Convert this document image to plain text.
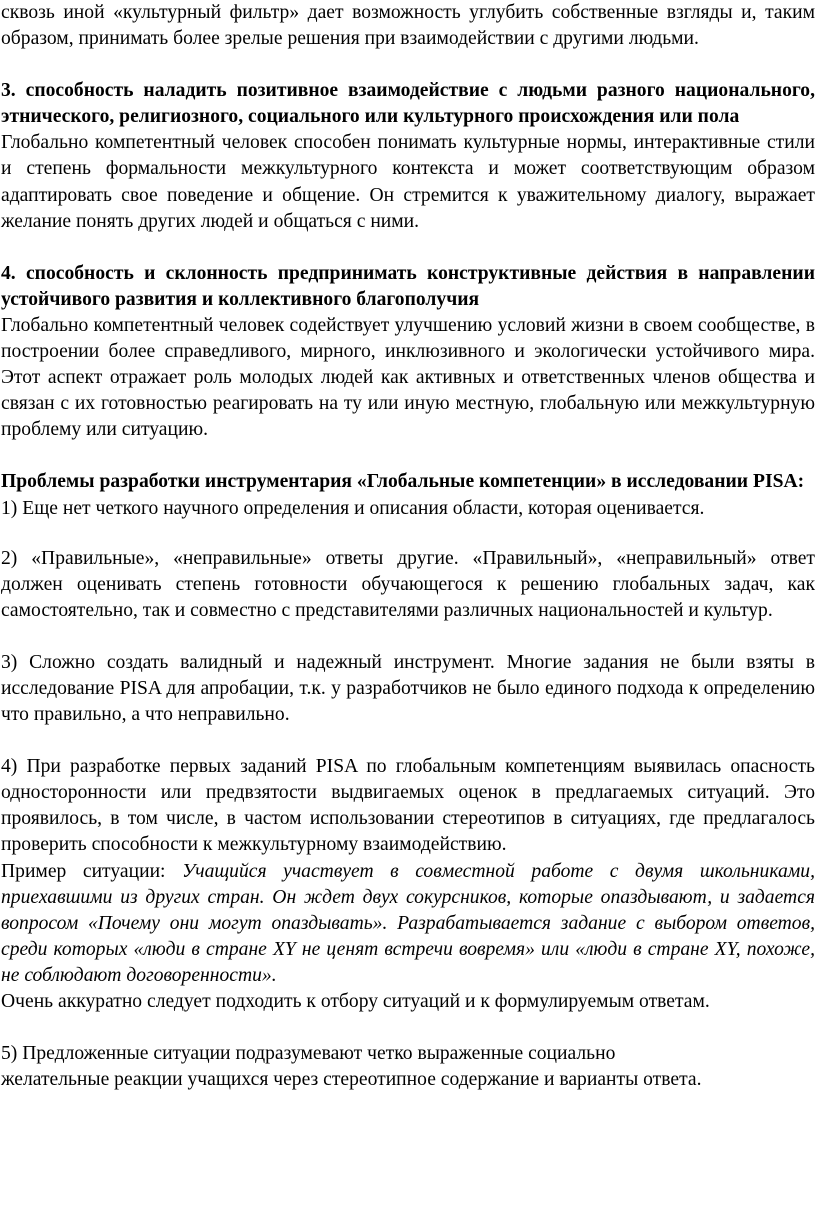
сквозь иной «культурный фильтр» дает возможность углубить собственные взгляды и, таким образом, принимать более зрелые решения при взаимодействии с другими людьми.

3. способность наладить позитивное взаимодействие с людьми разного национального, этнического, религиозного, социального или культурного происхождения или пола

Глобально компетентный человек способен понимать культурные нормы, интерактивные стили и степень формальности межкультурного контекста и может соответствующим образом адаптировать свое поведение и общение. Он стремится к уважительному диалогу, выражает желание понять других людей и общаться с ними.

4. способность и склонность предпринимать конструктивные действия в направлении устойчивого развития и коллективного благополучия

Глобально компетентный человек содействует улучшению условий жизни в своем сообществе, в построении более справедливого, мирного, инклюзивного и экологически устойчивого мира. Этот аспект отражает роль молодых людей как активных и ответственных членов общества и связан с их готовностью реагировать на ту или иную местную, глобальную или межкультурную проблему или ситуацию.

Проблемы разработки инструментария «Глобальные компетенции» в исследовании PISA:

1) Еще нет четкого научного определения и описания области, которая оценивается.

2) «Правильные», «неправильные» ответы другие. «Правильный», «неправильный» ответ должен оценивать степень готовности обучающегося к решению глобальных задач, как самостоятельно, так и совместно с представителями различных национальностей и культур.

3) Сложно создать валидный и надежный инструмент. Многие задания не были взяты в исследование PISA для апробации, т.к. у разработчиков не было единого подхода к определению что правильно, а что неправильно.

4) При разработке первых заданий PISA по глобальным компетенциям выявилась опасность односторонности или предвзятости выдвигаемых оценок в предлагаемых ситуаций. Это проявилось, в том числе, в частом использовании стереотипов в ситуациях, где предлагалось проверить способности к межкультурному взаимодействию.

Пример ситуации: Учащийся участвует в совместной работе с двумя школьниками, приехавшими из других стран. Он ждет двух сокурсников, которые опаздывают, и задается вопросом «Почему они могут опаздывать». Разрабатывается задание с выбором ответов, среди которых «люди в стране XY не ценят встречи вовремя» или «люди в стране XY, похоже, не соблюдают договоренности».

Очень аккуратно следует подходить к отбору ситуаций и к формулируемым ответам.

5) Предложенные ситуации подразумевают четко выраженные социально

желательные реакции учащихся через стереотипное содержание и варианты ответа.
